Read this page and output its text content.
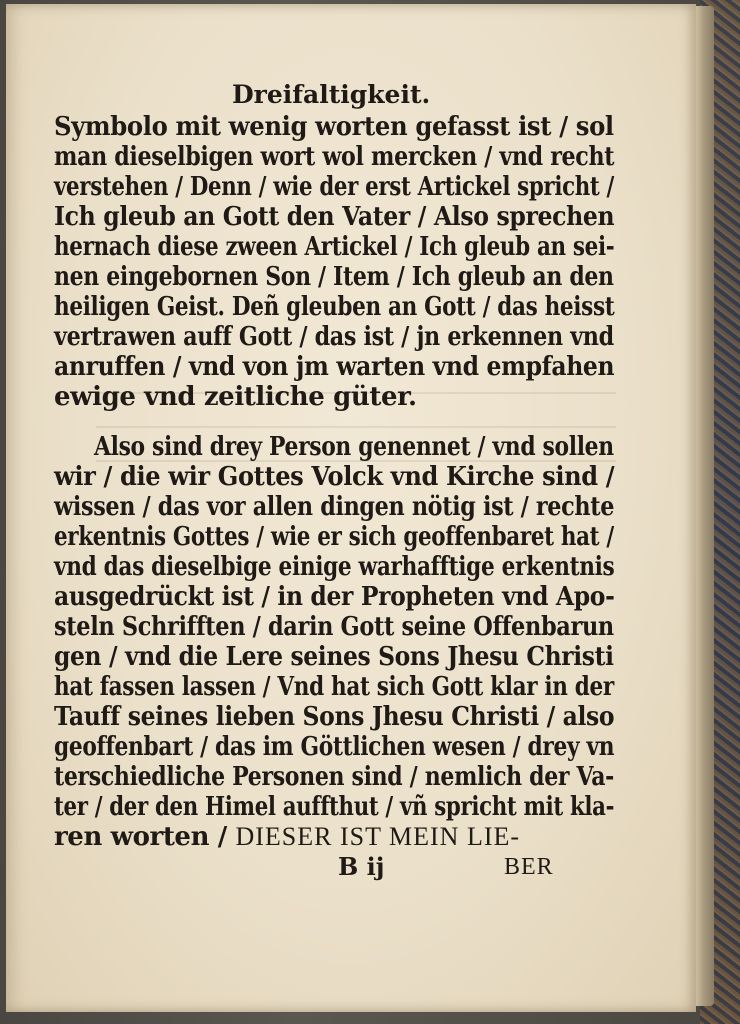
Dreifaltigkeit.
Symbolo mit wenig worten gefasst ist / sol
man dieselbigen wort wol mercken / vnd recht
verstehen / Denn / wie der erst Artickel spricht /
Ich gleub an Gott den Vater / Also sprechen
hernach diese zween Artickel / Ich gleub an sei-
nen eingebornen Son / Item / Ich gleub an den
heiligen Geist. Deñ gleuben an Gott / das heisst
vertrawen auff Gott / das ist / jn erkennen vnd
anruffen / vnd von jm warten vnd empfahen
ewige vnd zeitliche güter.
Also sind drey Person genennet / vnd sollen
wir / die wir Gottes Volck vnd Kirche sind /
wissen / das vor allen dingen nötig ist / rechte
erkentnis Gottes / wie er sich geoffenbaret hat /
vnd das dieselbige einige warhafftige erkentnis
ausgedrückt ist / in der Propheten vnd Apo-
steln Schrifften / darin Gott seine Offenbarun
gen / vnd die Lere seines Sons Jhesu Christi
hat fassen lassen / Vnd hat sich Gott klar in der
Tauff seines lieben Sons Jhesu Christi / also
geoffenbart / das im Göttlichen wesen / drey vn
terschiedliche Personen sind / nemlich der Va-
ter / der den Himel auffthut / vñ spricht mit kla-
ren worten / DIESER IST MEIN LIE-
B ij	BER
